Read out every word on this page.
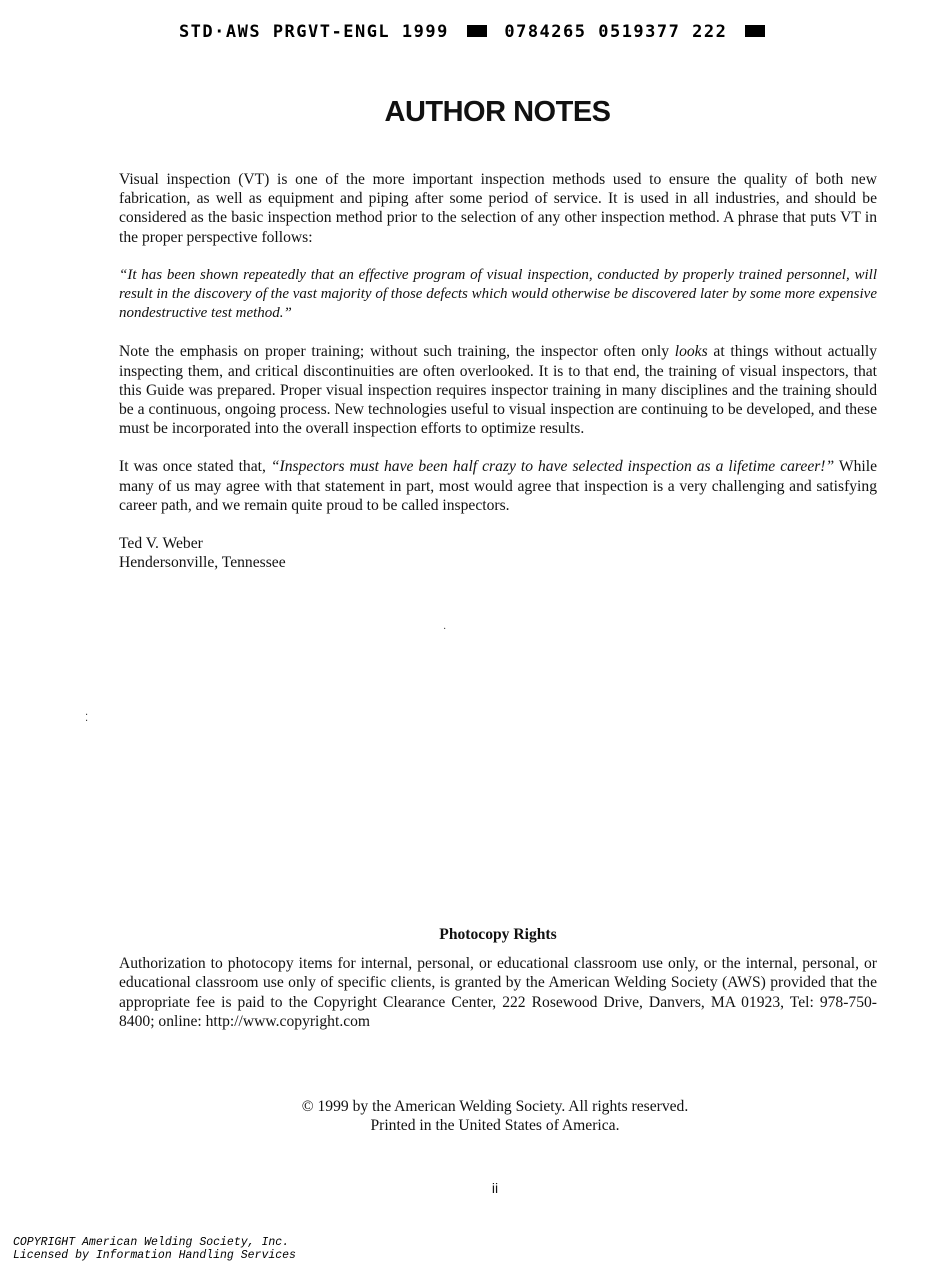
STD·AWS PRGVT-ENGL 1999	0784265 0519377 222
AUTHOR NOTES

Visual inspection (VT) is one of the more important inspection methods used to ensure the quality of both new fabrication, as well as equipment and piping after some period of service. It is used in all industries, and should be considered as the basic inspection method prior to the selection of any other inspection method. A phrase that puts VT in the proper perspective follows:

“It has been shown repeatedly that an effective program of visual inspection, conducted by properly trained personnel, will result in the discovery of the vast majority of those defects which would otherwise be discovered later by some more expensive nondestructive test method.”

Note the emphasis on proper training; without such training, the inspector often only looks at things without actually inspecting them, and critical discontinuities are often overlooked. It is to that end, the training of visual inspectors, that this Guide was prepared. Proper visual inspection requires inspector training in many disciplines and the training should be a continuous, ongoing process. New technologies useful to visual inspection are continuing to be developed, and these must be incorporated into the overall inspection efforts to optimize results.

It was once stated that, “Inspectors must have been half crazy to have selected inspection as a lifetime career!” While many of us may agree with that statement in part, most would agree that inspection is a very challenging and satisfying career path, and we remain quite proud to be called inspectors.

Ted V. Weber
Hendersonville, Tennessee
·
⁚
Photocopy Rights

Authorization to photocopy items for internal, personal, or educational classroom use only, or the internal, personal, or educational classroom use only of specific clients, is granted by the American Welding Society (AWS) provided that the appropriate fee is paid to the Copyright Clearance Center, 222 Rosewood Drive, Danvers, MA 01923, Tel: 978-750-8400; online: http://www.copyright.com

© 1999 by the American Welding Society. All rights reserved.
Printed in the United States of America.
ii
COPYRIGHT American Welding Society, Inc.
Licensed by Information Handling Services
